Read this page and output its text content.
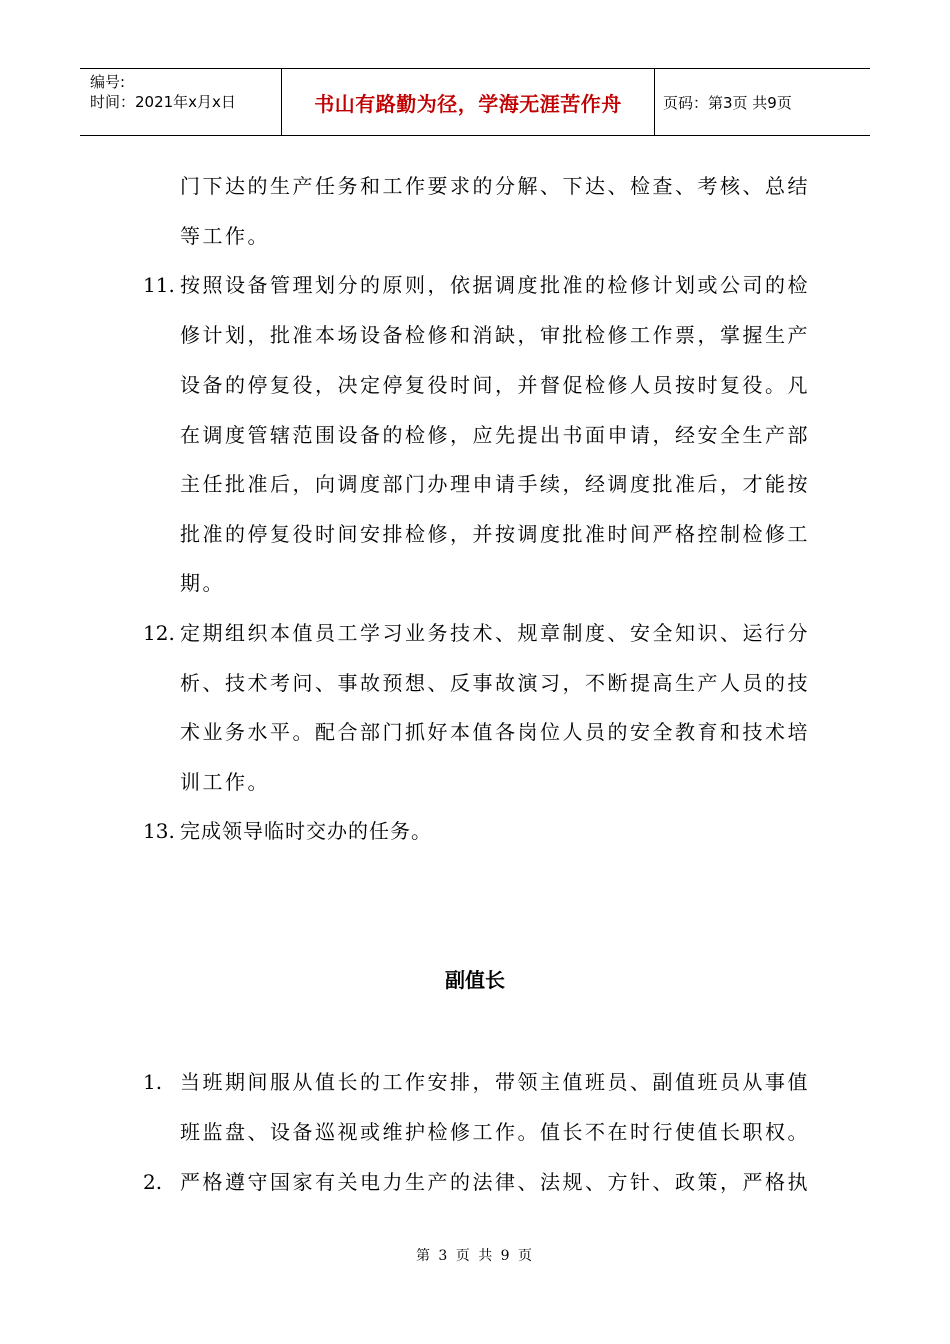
编号:
时间：2021年x月x日	书山有路勤为径，学海无涯苦作舟	页码：第3页 共9页
门下达的生产任务和工作要求的分解、下达、检查、考核、总结
等工作。
11. 按照设备管理划分的原则，依据调度批准的检修计划或公司的检
修计划，批准本场设备检修和消缺，审批检修工作票，掌握生产
设备的停复役，决定停复役时间，并督促检修人员按时复役。凡
在调度管辖范围设备的检修，应先提出书面申请，经安全生产部
主任批准后，向调度部门办理申请手续，经调度批准后，才能按
批准的停复役时间安排检修，并按调度批准时间严格控制检修工
期。
12. 定期组织本值员工学习业务技术、规章制度、安全知识、运行分
析、技术考问、事故预想、反事故演习，不断提高生产人员的技
术业务水平。配合部门抓好本值各岗位人员的安全教育和技术培
训工作。
13. 完成领导临时交办的任务。
副值长
1. 当班期间服从值长的工作安排，带领主值班员、副值班员从事值
班监盘、设备巡视或维护检修工作。值长不在时行使值长职权。
2. 严格遵守国家有关电力生产的法律、法规、方针、政策，严格执
第 3 页 共 9 页
